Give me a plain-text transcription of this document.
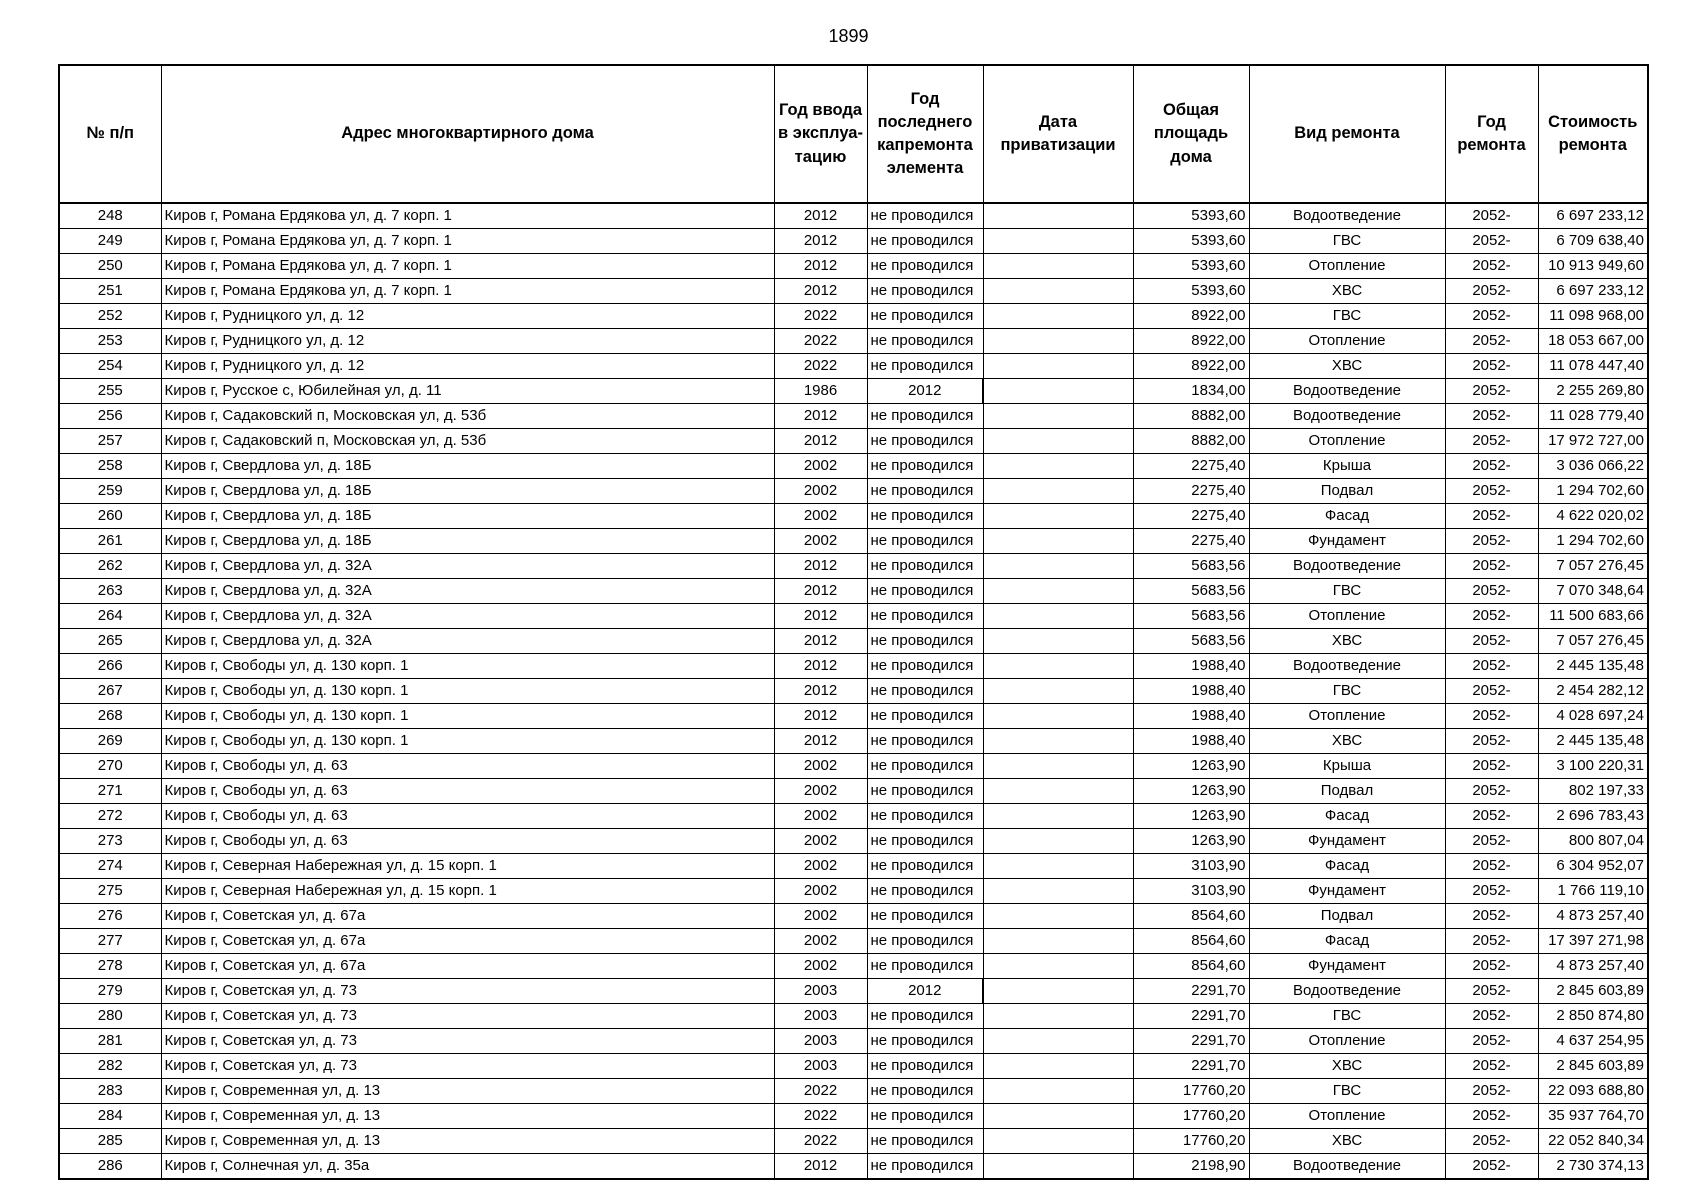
1899
№ п/п	Адрес многоквартирного дома	Год ввода в эксплуа-тацию	Год последнего капремонта элемента	Дата приватизации	Общая площадь дома	Вид ремонта	Год ремонта	Стоимость ремонта
248	Киров г, Романа Ердякова ул, д. 7 корп. 1	2012	не проводился		5393,60	Водоотведение	2052-	6 697 233,12
249	Киров г, Романа Ердякова ул, д. 7 корп. 1	2012	не проводился		5393,60	ГВС	2052-	6 709 638,40
250	Киров г, Романа Ердякова ул, д. 7 корп. 1	2012	не проводился		5393,60	Отопление	2052-	10 913 949,60
251	Киров г, Романа Ердякова ул, д. 7 корп. 1	2012	не проводился		5393,60	ХВС	2052-	6 697 233,12
252	Киров г, Рудницкого ул, д. 12	2022	не проводился		8922,00	ГВС	2052-	11 098 968,00
253	Киров г, Рудницкого ул, д. 12	2022	не проводился		8922,00	Отопление	2052-	18 053 667,00
254	Киров г, Рудницкого ул, д. 12	2022	не проводился		8922,00	ХВС	2052-	11 078 447,40
255	Киров г, Русское с, Юбилейная ул, д. 11	1986	2012		1834,00	Водоотведение	2052-	2 255 269,80
256	Киров г, Садаковский п, Московская ул, д. 53б	2012	не проводился		8882,00	Водоотведение	2052-	11 028 779,40
257	Киров г, Садаковский п, Московская ул, д. 53б	2012	не проводился		8882,00	Отопление	2052-	17 972 727,00
258	Киров г, Свердлова ул, д. 18Б	2002	не проводился		2275,40	Крыша	2052-	3 036 066,22
259	Киров г, Свердлова ул, д. 18Б	2002	не проводился		2275,40	Подвал	2052-	1 294 702,60
260	Киров г, Свердлова ул, д. 18Б	2002	не проводился		2275,40	Фасад	2052-	4 622 020,02
261	Киров г, Свердлова ул, д. 18Б	2002	не проводился		2275,40	Фундамент	2052-	1 294 702,60
262	Киров г, Свердлова ул, д. 32А	2012	не проводился		5683,56	Водоотведение	2052-	7 057 276,45
263	Киров г, Свердлова ул, д. 32А	2012	не проводился		5683,56	ГВС	2052-	7 070 348,64
264	Киров г, Свердлова ул, д. 32А	2012	не проводился		5683,56	Отопление	2052-	11 500 683,66
265	Киров г, Свердлова ул, д. 32А	2012	не проводился		5683,56	ХВС	2052-	7 057 276,45
266	Киров г, Свободы ул, д. 130 корп. 1	2012	не проводился		1988,40	Водоотведение	2052-	2 445 135,48
267	Киров г, Свободы ул, д. 130 корп. 1	2012	не проводился		1988,40	ГВС	2052-	2 454 282,12
268	Киров г, Свободы ул, д. 130 корп. 1	2012	не проводился		1988,40	Отопление	2052-	4 028 697,24
269	Киров г, Свободы ул, д. 130 корп. 1	2012	не проводился		1988,40	ХВС	2052-	2 445 135,48
270	Киров г, Свободы ул, д. 63	2002	не проводился		1263,90	Крыша	2052-	3 100 220,31
271	Киров г, Свободы ул, д. 63	2002	не проводился		1263,90	Подвал	2052-	802 197,33
272	Киров г, Свободы ул, д. 63	2002	не проводился		1263,90	Фасад	2052-	2 696 783,43
273	Киров г, Свободы ул, д. 63	2002	не проводился		1263,90	Фундамент	2052-	800 807,04
274	Киров г, Северная Набережная ул, д. 15 корп. 1	2002	не проводился		3103,90	Фасад	2052-	6 304 952,07
275	Киров г, Северная Набережная ул, д. 15 корп. 1	2002	не проводился		3103,90	Фундамент	2052-	1 766 119,10
276	Киров г, Советская ул, д. 67а	2002	не проводился		8564,60	Подвал	2052-	4 873 257,40
277	Киров г, Советская ул, д. 67а	2002	не проводился		8564,60	Фасад	2052-	17 397 271,98
278	Киров г, Советская ул, д. 67а	2002	не проводился		8564,60	Фундамент	2052-	4 873 257,40
279	Киров г, Советская ул, д. 73	2003	2012		2291,70	Водоотведение	2052-	2 845 603,89
280	Киров г, Советская ул, д. 73	2003	не проводился		2291,70	ГВС	2052-	2 850 874,80
281	Киров г, Советская ул, д. 73	2003	не проводился		2291,70	Отопление	2052-	4 637 254,95
282	Киров г, Советская ул, д. 73	2003	не проводился		2291,70	ХВС	2052-	2 845 603,89
283	Киров г, Современная ул, д. 13	2022	не проводился		17760,20	ГВС	2052-	22 093 688,80
284	Киров г, Современная ул, д. 13	2022	не проводился		17760,20	Отопление	2052-	35 937 764,70
285	Киров г, Современная ул, д. 13	2022	не проводился		17760,20	ХВС	2052-	22 052 840,34
286	Киров г, Солнечная ул, д. 35а	2012	не проводился		2198,90	Водоотведение	2052-	2 730 374,13
